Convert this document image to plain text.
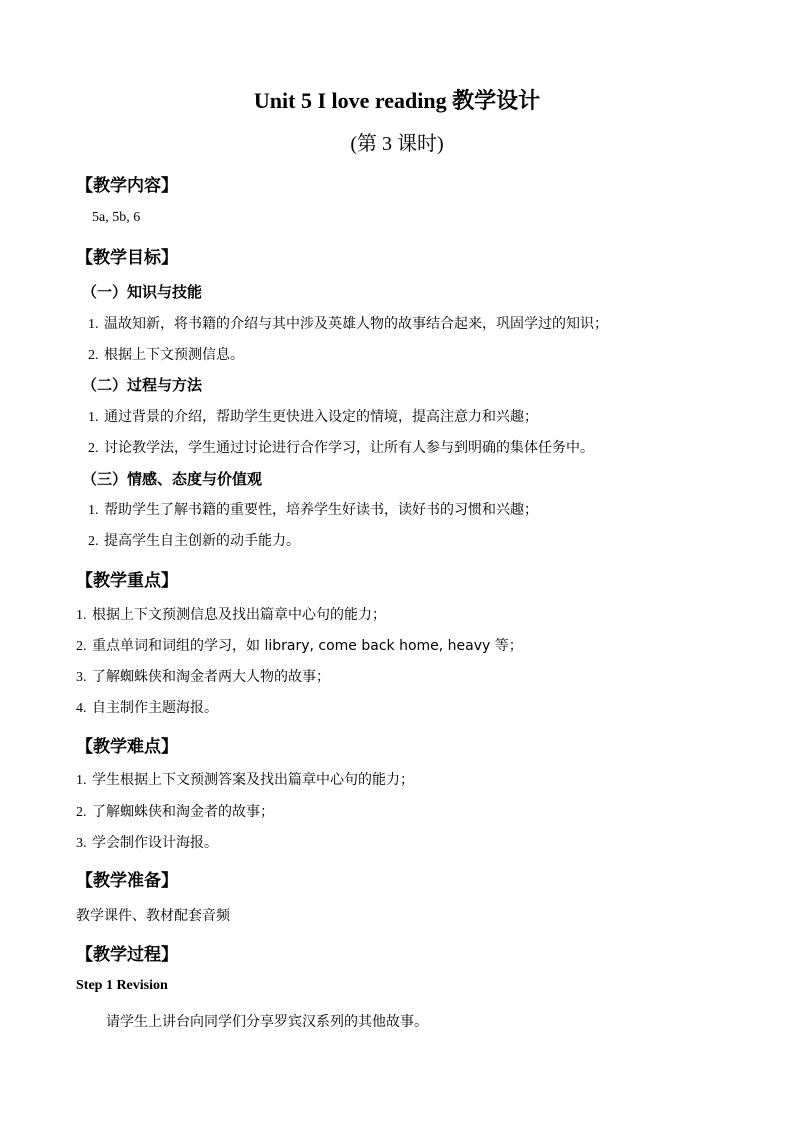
Unit 5 I love reading 教学设计
(第 3 课时)
【教学内容】
5a, 5b, 6
【教学目标】
（一）知识与技能
1. 温故知新，将书籍的介绍与其中涉及英雄人物的故事结合起来，巩固学过的知识；
2. 根据上下文预测信息。
（二）过程与方法
1. 通过背景的介绍，帮助学生更快进入设定的情境，提高注意力和兴趣；
2. 讨论教学法，学生通过讨论进行合作学习，让所有人参与到明确的集体任务中。
（三）情感、态度与价值观
1. 帮助学生了解书籍的重要性，培养学生好读书，读好书的习惯和兴趣；
2. 提高学生自主创新的动手能力。
【教学重点】
1. 根据上下文预测信息及找出篇章中心句的能力；
2. 重点单词和词组的学习，如 library, come back home, heavy 等；
3. 了解蜘蛛侠和淘金者两大人物的故事；
4. 自主制作主题海报。
【教学难点】
1. 学生根据上下文预测答案及找出篇章中心句的能力；
2. 了解蜘蛛侠和淘金者的故事；
3. 学会制作设计海报。
【教学准备】
教学课件、教材配套音频
【教学过程】
Step 1 Revision
请学生上讲台向同学们分享罗宾汉系列的其他故事。
